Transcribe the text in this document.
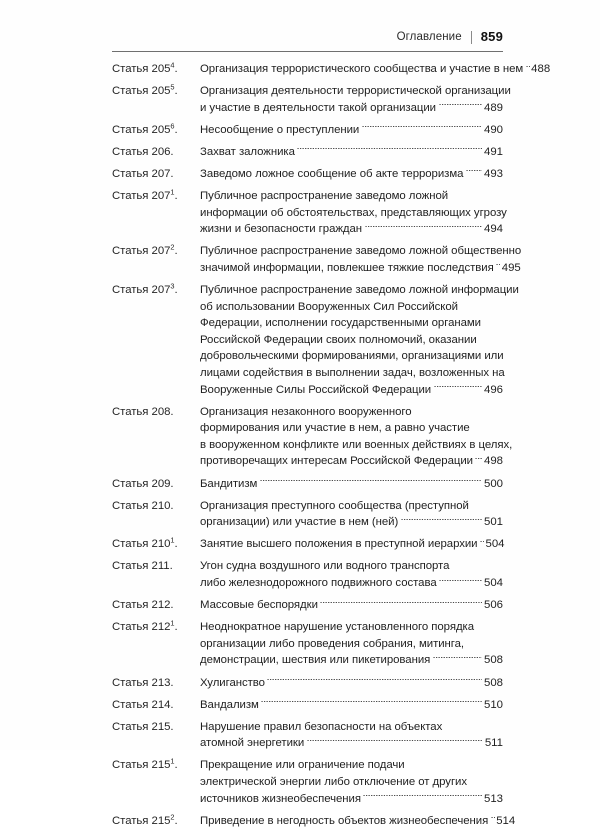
Оглавление 859
Статья $205^4$.	Организация террористического сообщества и участие в нем 488
Статья $205^5$.	Организация деятельности террористической организации
и участие в деятельности такой организации	489
Статья $205^6$.	Несообщение о преступлении	490
Статья 206.	Захват заложника	491
Статья 207.	Заведомо ложное сообщение об акте терроризма 493
Статья $207^1$.	Публичное распространение заведомо ложной
информации об обстоятельствах, представляющих угрозу
жизни и безопасности граждан	494
Статья $207^2$.	Публичное распространение заведомо ложной общественно
значимой информации, повлекшее тяжкие последствия 495
Статья $207^3$.	Публичное распространение заведомо ложной информации
об использовании Вооруженных Сил Российской
Федерации, исполнении государственными органами
Российской Федерации своих полномочий, оказании
добровольческими формированиями, организациями или
лицами содействия в выполнении задач, возложенных на
Вооруженные Силы Российской Федерации	496
Статья 208.	Организация незаконного вооруженного
формирования или участие в нем, а равно участие
в вооруженном конфликте или военных действиях в целях,
противоречащих интересам Российской Федерации 498
Статья 209.	Бандитизм	500
Статья 210.	Организация преступного сообщества (преступной
организации) или участие в нем (ней)	501
Статья $210^1$.	Занятие высшего положения в преступной иерархии 504
Статья 211.	Угон судна воздушного или водного транспорта
либо железнодорожного подвижного состава	504
Статья 212.	Массовые беспорядки	506
Статья $212^1$.	Неоднократное нарушение установленного порядка
организации либо проведения собрания, митинга,
демонстрации, шествия или пикетирования	508
Статья 213.	Хулиганство	508
Статья 214.	Вандализм	510
Статья 215.	Нарушение правил безопасности на объектах
атомной энергетики	511
Статья $215^1$.	Прекращение или ограничение подачи
электрической энергии либо отключение от других
источников жизнеобеспечения	513
Статья $215^2$.	Приведение в негодность объектов жизнеобеспечения 514
